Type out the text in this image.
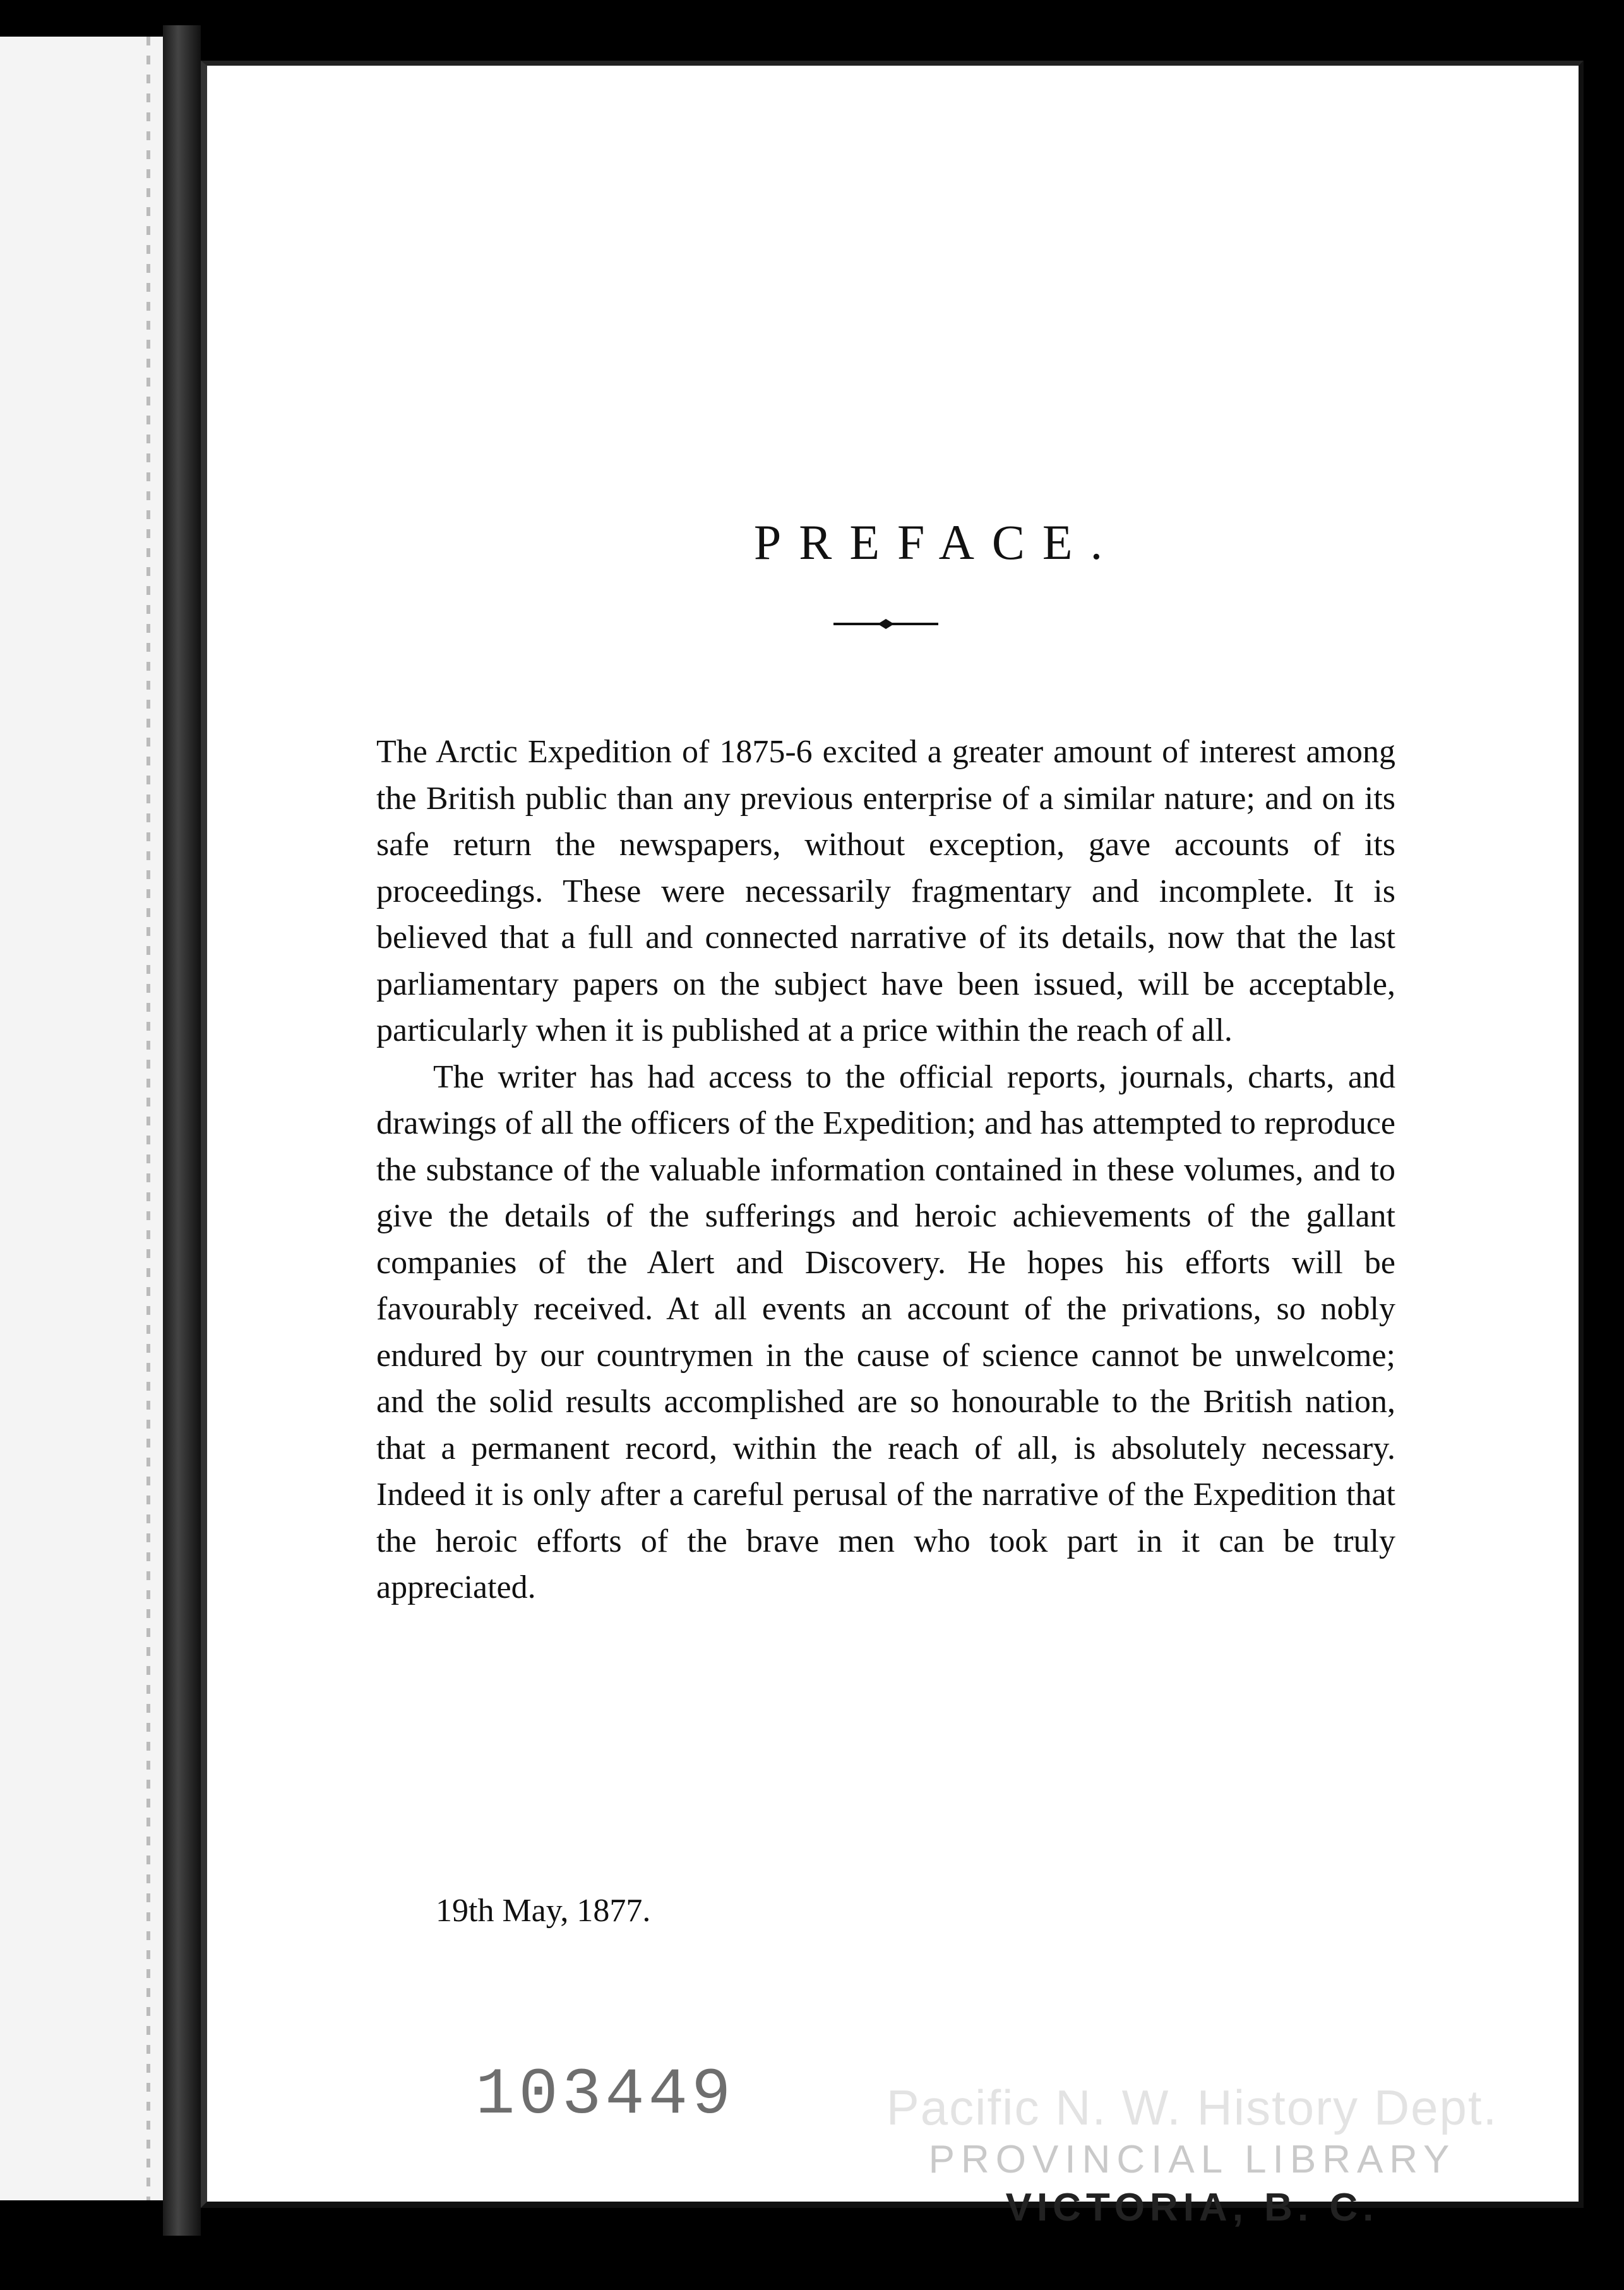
PREFACE.

The Arctic Expedition of 1875-6 excited a greater amount of interest among the British public than any previous enterprise of a similar nature; and on its safe return the newspapers, without exception, gave accounts of its proceedings. These were necessarily fragmentary and incomplete. It is believed that a full and connected narrative of its details, now that the last parliamentary papers on the subject have been issued, will be acceptable, particularly when it is published at a price within the reach of all.

The writer has had access to the official reports, journals, charts, and drawings of all the officers of the Expedition; and has attempted to reproduce the substance of the valuable information contained in these volumes, and to give the details of the sufferings and heroic achievements of the gallant companies of the Alert and Discovery. He hopes his efforts will be favourably received. At all events an account of the privations, so nobly endured by our countrymen in the cause of science cannot be unwelcome; and the solid results accomplished are so honourable to the British nation, that a permanent record, within the reach of all, is absolutely necessary. Indeed it is only after a careful perusal of the narrative of the Expedition that the heroic efforts of the brave men who took part in it can be truly appreciated.

19th May, 1877.
103449	Pacific N. W. History Dept.
PROVINCIAL LIBRARY
VICTORIA, B. C.
